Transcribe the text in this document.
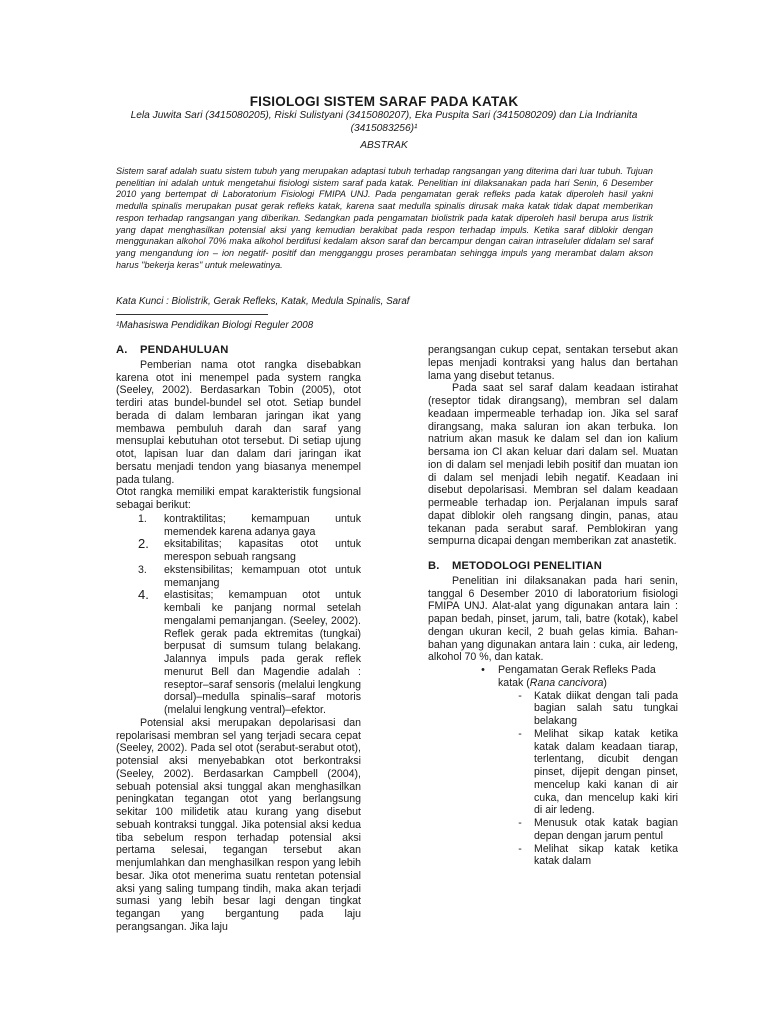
FISIOLOGI SISTEM SARAF PADA KATAK
Lela Juwita Sari (3415080205), Riski Sulistyani (3415080207), Eka Puspita Sari (3415080209) dan Lia Indrianita (3415083256)¹
ABSTRAK
Sistem saraf adalah suatu sistem tubuh yang merupakan adaptasi tubuh terhadap rangsangan yang diterima dari luar tubuh. Tujuan penelitian ini adalah untuk mengetahui fisiologi sistem saraf pada katak. Penelitian ini dilaksanakan pada hari Senin, 6 Desember 2010 yang bertempat di Laboratorium Fisiologi FMIPA UNJ. Pada pengamatan gerak refleks pada katak diperoleh hasil yakni medulla spinalis merupakan pusat gerak refleks katak, karena saat medulla spinalis dirusak maka katak tidak dapat memberikan respon terhadap rangsangan yang diberikan. Sedangkan pada pengamatan biolistrik pada katak diperoleh hasil berupa arus listrik yang dapat menghasilkan potensial aksi yang kemudian berakibat pada respon terhadap impuls. Ketika saraf diblokir dengan menggunakan alkohol 70% maka alkohol berdifusi kedalam akson saraf dan bercampur dengan cairan intraseluler didalam sel saraf yang mengandung ion – ion negatif- positif dan mengganggu proses perambatan sehingga impuls yang merambat dalam akson harus "bekerja keras" untuk melewatinya.
Kata Kunci : Biolistrik, Gerak Refleks, Katak, Medula Spinalis, Saraf
¹Mahasiswa Pendidikan Biologi Reguler 2008
A. PENDAHULUAN

Pemberian nama otot rangka disebabkan karena otot ini menempel pada system rangka (Seeley, 2002). Berdasarkan Tobin (2005), otot terdiri atas bundel-bundel sel otot. Setiap bundel berada di dalam lembaran jaringan ikat yang membawa pembuluh darah dan saraf yang mensuplai kebutuhan otot tersebut. Di setiap ujung otot, lapisan luar dan dalam dari jaringan ikat bersatu menjadi tendon yang biasanya menempel pada tulang.

Otot rangka memiliki empat karakteristik fungsional sebagai berikut:

1.	kontraktilitas; kemampuan untuk memendek karena adanya gaya
2.	eksitabilitas; kapasitas otot untuk merespon sebuah rangsang
3.	ekstensibilitas; kemampuan otot untuk memanjang
4.	elastisitas; kemampuan otot untuk kembali ke panjang normal setelah mengalami pemanjangan. (Seeley, 2002). Reflek gerak pada ektremitas (tungkai) berpusat di sumsum tulang belakang. Jalannya impuls pada gerak reflek menurut Bell dan Magendie adalah : reseptor–saraf sensoris (melalui lengkung dorsal)–medulla spinalis–saraf motoris (melalui lengkung ventral)–efektor.

Potensial aksi merupakan depolarisasi dan repolarisasi membran sel yang terjadi secara cepat (Seeley, 2002). Pada sel otot (serabut-serabut otot), potensial aksi menyebabkan otot berkontraksi (Seeley, 2002). Berdasarkan Campbell (2004), sebuah potensial aksi tunggal akan menghasilkan peningkatan tegangan otot yang berlangsung sekitar 100 milidetik atau kurang yang disebut sebuah kontraksi tunggal. Jika potensial aksi kedua tiba sebelum respon terhadap potensial aksi pertama selesai, tegangan tersebut akan menjumlahkan dan menghasilkan respon yang lebih besar. Jika otot menerima suatu rentetan potensial aksi yang saling tumpang tindih, maka akan terjadi sumasi yang lebih besar lagi dengan tingkat tegangan yang bergantung pada laju perangsangan. Jika laju

perangsangan cukup cepat, sentakan tersebut akan lepas menjadi kontraksi yang halus dan bertahan lama yang disebut tetanus.

Pada saat sel saraf dalam keadaan istirahat (reseptor tidak dirangsang), membran sel dalam keadaan impermeable terhadap ion. Jika sel saraf dirangsang, maka saluran ion akan terbuka. Ion natrium akan masuk ke dalam sel dan ion kalium bersama ion Cl akan keluar dari dalam sel. Muatan ion di dalam sel menjadi lebih positif dan muatan ion di dalam sel menjadi lebih negatif. Keadaan ini disebut depolarisasi. Membran sel dalam keadaan permeable terhadap ion. Perjalanan impuls saraf dapat diblokir oleh rangsang dingin, panas, atau tekanan pada serabut saraf. Pemblokiran yang sempurna dicapai dengan memberikan zat anastetik.

B. METODOLOGI PENELITIAN

Penelitian ini dilaksanakan pada hari senin, tanggal 6 Desember 2010 di laboratorium fisiologi FMIPA UNJ. Alat-alat yang digunakan antara lain : papan bedah, pinset, jarum, tali, batre (kotak), kabel dengan ukuran kecil, 2 buah gelas kimia. Bahan-bahan yang digunakan antara lain : cuka, air ledeng, alkohol 70 %, dan katak.

•	Pengamatan Gerak Refleks Pada katak (Rana cancivora)
-	Katak diikat dengan tali pada bagian salah satu tungkai belakang
-	Melihat sikap katak ketika katak dalam keadaan tiarap, terlentang, dicubit dengan pinset, dijepit dengan pinset, mencelup kaki kanan di air cuka, dan mencelup kaki kiri di air ledeng.
-	Menusuk otak katak bagian depan dengan jarum pentul
-	Melihat sikap katak ketika katak dalam
